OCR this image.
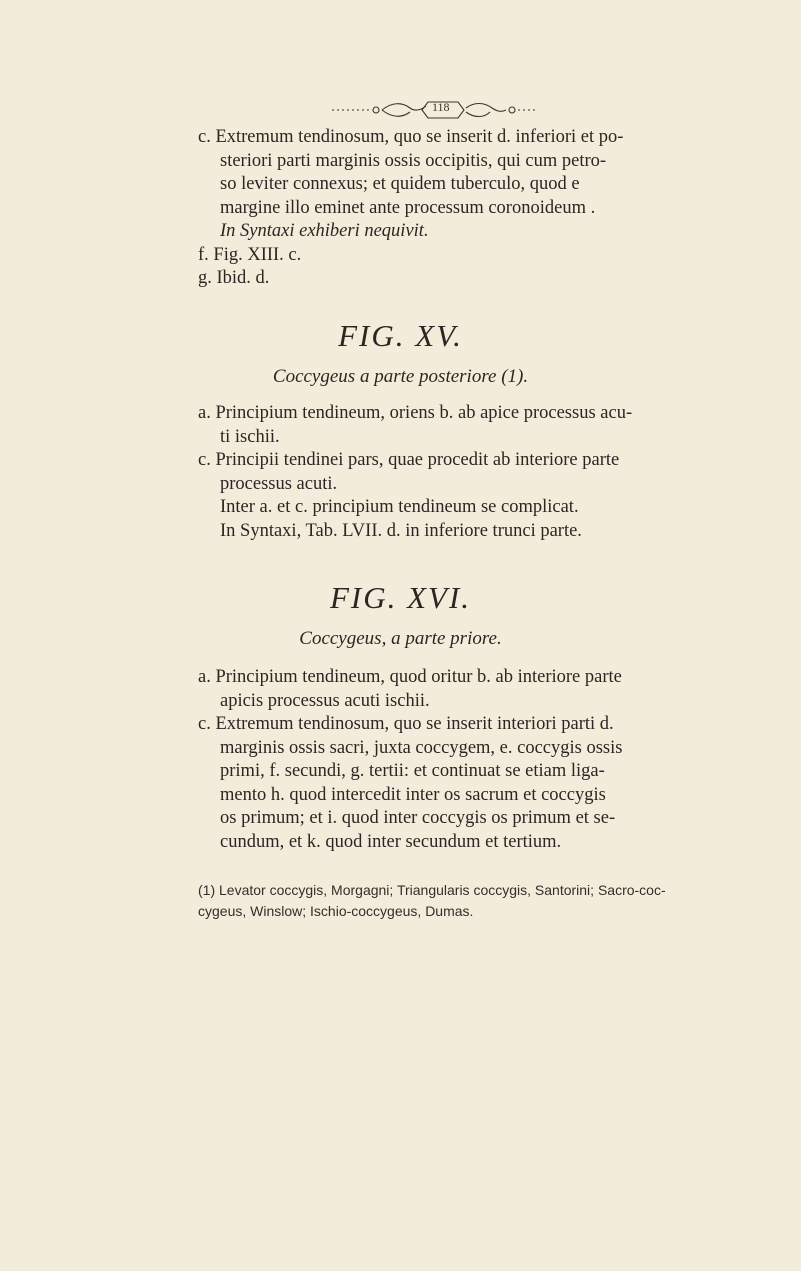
118
c. Extremum tendinosum, quo se inserit d. inferiori et po-
steriori parti marginis ossis occipitis, qui cum petro-
so leviter connexus; et quidem tuberculo, quod e
margine illo eminet ante processum coronoideum .
In Syntaxi exhiberi nequivit.
f. Fig. XIII. c.
g. Ibid. d.
FIG. XV.
Coccygeus a parte posteriore (1).
a. Principium tendineum, oriens b. ab apice processus acu-
ti ischii.
c. Principii tendinei pars, quae procedit ab interiore parte
processus acuti.
Inter a. et c. principium tendineum se complicat.
In Syntaxi, Tab. LVII. d. in inferiore trunci parte.
FIG. XVI.
Coccygeus, a parte priore.
a. Principium tendineum, quod oritur b. ab interiore parte
apicis processus acuti ischii.
c. Extremum tendinosum, quo se inserit interiori parti d.
marginis ossis sacri, juxta coccygem, e. coccygis ossis
primi, f. secundi, g. tertii: et continuat se etiam liga-
mento h. quod intercedit inter os sacrum et coccygis
os primum; et i. quod inter coccygis os primum et se-
cundum, et k. quod inter secundum et tertium.
(1) Levator coccygis, Morgagni; Triangularis coccygis, Santorini; Sacro-coc-
cygeus, Winslow; Ischio-coccygeus, Dumas.
